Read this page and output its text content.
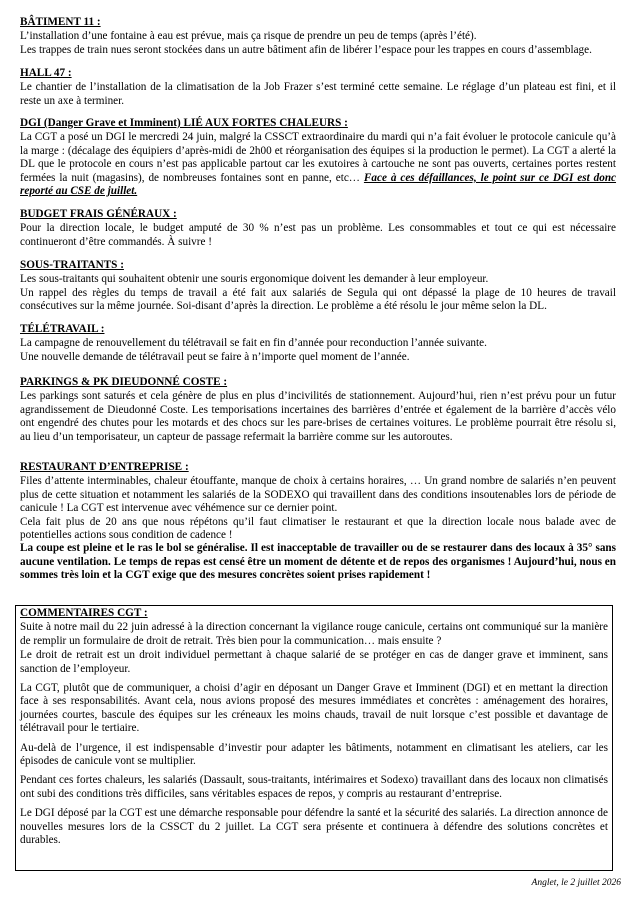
BÂTIMENT 11 :

L’installation d’une fontaine à eau est prévue, mais ça risque de prendre un peu de temps (après l’été).

Les trappes de train nues seront stockées dans un autre bâtiment afin de libérer l’espace pour les trappes en cours d’assemblage.

HALL 47 :

Le chantier de l’installation de la climatisation de la Job Frazer s’est terminé cette semaine. Le réglage d’un plateau est fini, et il reste un axe à terminer.

DGI (Danger Grave et Imminent) LIÉ AUX FORTES CHALEURS :

La CGT a posé un DGI le mercredi 24 juin, malgré la CSSCT extraordinaire du mardi qui n’a fait évoluer le protocole canicule qu’à la marge : (décalage des équipiers d’après-midi de 2h00 et réorganisation des équipes si la production le permet). La CGT a alerté la DL que le protocole en cours n’est pas applicable partout car les exutoires à cartouche ne sont pas ouverts, certaines portes restent fermées la nuit (magasins), de nombreuses fontaines sont en panne, etc… Face à ces défaillances, le point sur ce DGI est donc reporté au CSE de juillet.

BUDGET FRAIS GÉNÉRAUX :

Pour la direction locale, le budget amputé de 30 % n’est pas un problème. Les consommables et tout ce qui est nécessaire continueront d’être commandés. À suivre !

SOUS-TRAITANTS :

Les sous-traitants qui souhaitent obtenir une souris ergonomique doivent les demander à leur employeur.

Un rappel des règles du temps de travail a été fait aux salariés de Segula qui ont dépassé la plage de 10 heures de travail consécutives sur la même journée. Soi-disant d’après la direction. Le problème a été résolu le jour même selon la DL.

TÉLÉTRAVAIL :

La campagne de renouvellement du télétravail se fait en fin d’année pour reconduction l’année suivante.

Une nouvelle demande de télétravail peut se faire à n’importe quel moment de l’année.

PARKINGS & PK DIEUDONNÉ COSTE :

Les parkings sont saturés et cela génère de plus en plus d’incivilités de stationnement. Aujourd’hui, rien n’est prévu pour un futur agrandissement de Dieudonné Coste. Les temporisations incertaines des barrières d’entrée et également de la barrière d’accès vélo ont engendré des chutes pour les motards et des chocs sur les pare-brises de certaines voitures. Le problème pourrait être résolu si, au lieu d’un temporisateur, un capteur de passage refermait la barrière comme sur les autoroutes.

RESTAURANT D’ENTREPRISE :

Files d’attente interminables, chaleur étouffante, manque de choix à certains horaires, … Un grand nombre de salariés n’en peuvent plus de cette situation et notamment les salariés de la SODEXO qui travaillent dans des conditions insoutenables lors de période de canicule ! La CGT est intervenue avec véhémence sur ce dernier point.

Cela fait plus de 20 ans que nous répétons qu’il faut climatiser le restaurant et que la direction locale nous balade avec de potentielles actions sous condition de cadence !

La coupe est pleine et le ras le bol se généralise. Il est inacceptable de travailler ou de se restaurer dans des locaux à 35° sans aucune ventilation. Le temps de repas est censé être un moment de détente et de repos des organismes ! Aujourd’hui, nous en sommes très loin et la CGT exige que des mesures concrètes soient prises rapidement !

COMMENTAIRES CGT :

Suite à notre mail du 22 juin adressé à la direction concernant la vigilance rouge canicule, certains ont communiqué sur la manière de remplir un formulaire de droit de retrait. Très bien pour la communication… mais ensuite ?

Le droit de retrait est un droit individuel permettant à chaque salarié de se protéger en cas de danger grave et imminent, sans sanction de l’employeur.

La CGT, plutôt que de communiquer, a choisi d’agir en déposant un Danger Grave et Imminent (DGI) et en mettant la direction face à ses responsabilités. Avant cela, nous avions proposé des mesures immédiates et concrètes : aménagement des horaires, journées courtes, bascule des équipes sur les créneaux les moins chauds, travail de nuit lorsque c’est possible et davantage de télétravail pour le tertiaire.

Au-delà de l’urgence, il est indispensable d’investir pour adapter les bâtiments, notamment en climatisant les ateliers, car les épisodes de canicule vont se multiplier.

Pendant ces fortes chaleurs, les salariés (Dassault, sous-traitants, intérimaires et Sodexo) travaillant dans des locaux non climatisés ont subi des conditions très difficiles, sans véritables espaces de repos, y compris au restaurant d’entreprise.

Le DGI déposé par la CGT est une démarche responsable pour défendre la santé et la sécurité des salariés. La direction annonce de nouvelles mesures lors de la CSSCT du 2 juillet. La CGT sera présente et continuera à défendre des solutions concrètes et durables.

Anglet, le 2 juillet 2026
